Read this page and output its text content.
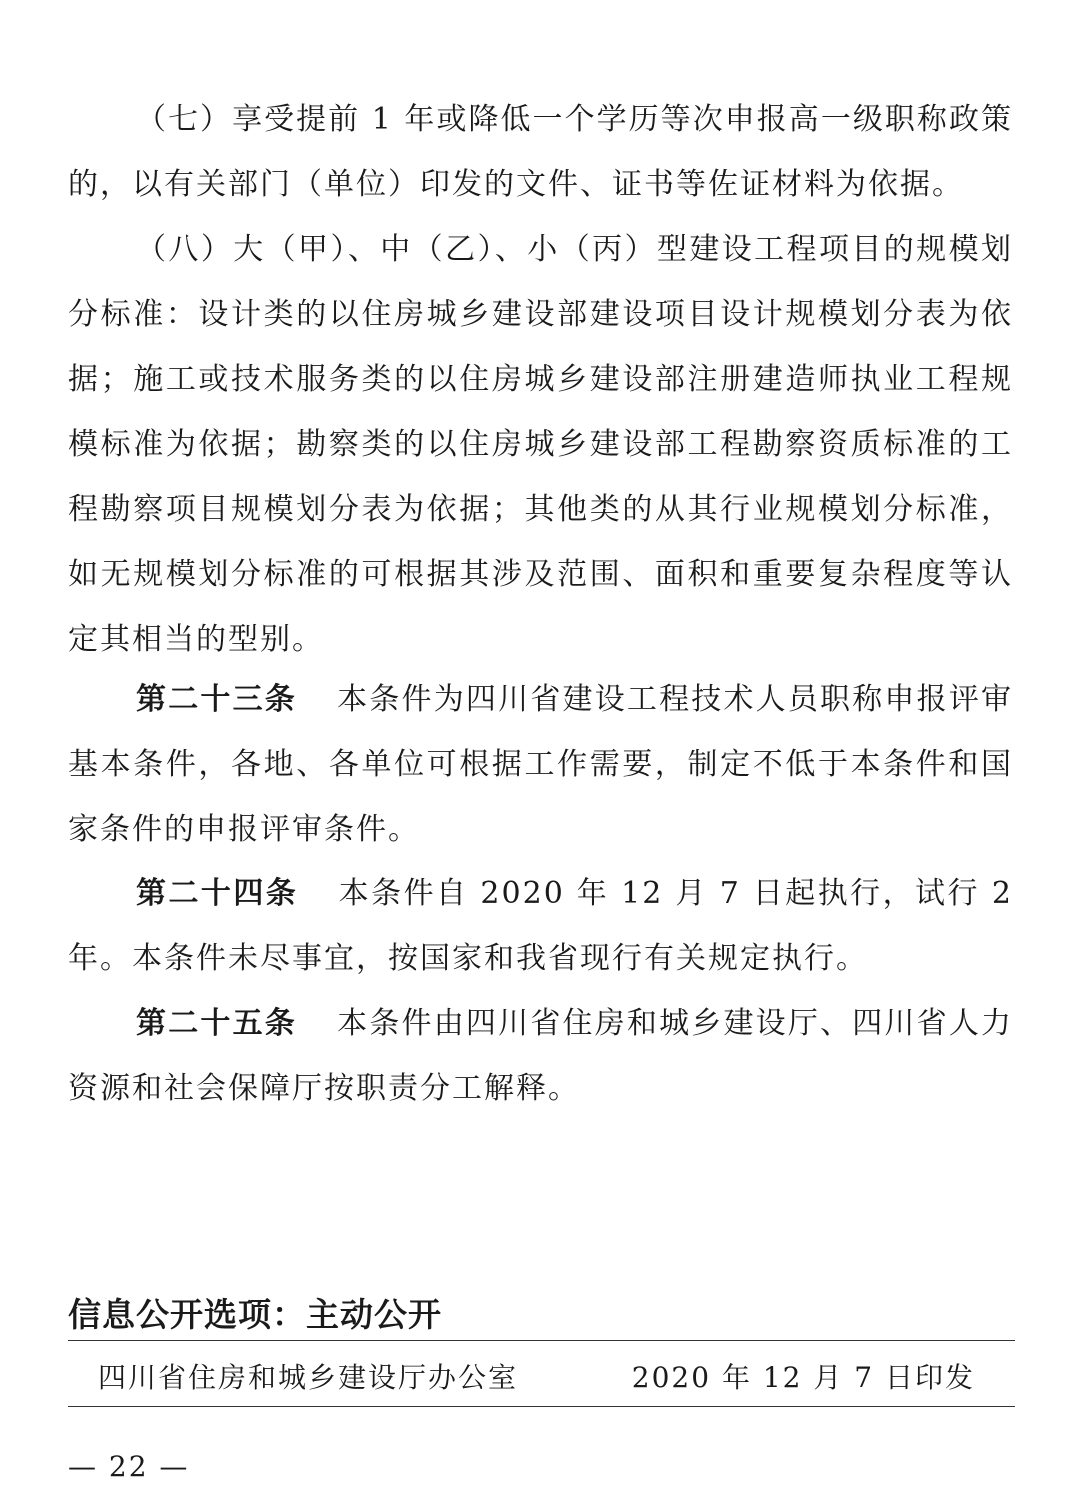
（七）享受提前 1 年或降低一个学历等次申报高一级职称政策的，以有关部门（单位）印发的文件、证书等佐证材料为依据。

（八）大（甲）、中（乙）、小（丙）型建设工程项目的规模划分标准：设计类的以住房城乡建设部建设项目设计规模划分表为依据；施工或技术服务类的以住房城乡建设部注册建造师执业工程规模标准为依据；勘察类的以住房城乡建设部工程勘察资质标准的工程勘察项目规模划分表为依据；其他类的从其行业规模划分标准，如无规模划分标准的可根据其涉及范围、面积和重要复杂程度等认定其相当的型别。

第二十三条 本条件为四川省建设工程技术人员职称申报评审基本条件，各地、各单位可根据工作需要，制定不低于本条件和国家条件的申报评审条件。

第二十四条 本条件自 2020 年 12 月 7 日起执行，试行 2 年。本条件未尽事宜，按国家和我省现行有关规定执行。

第二十五条 本条件由四川省住房和城乡建设厅、四川省人力资源和社会保障厅按职责分工解释。

信息公开选项：主动公开
四川省住房和城乡建设厅办公室	2020 年 12 月 7 日印发
— 22 —
